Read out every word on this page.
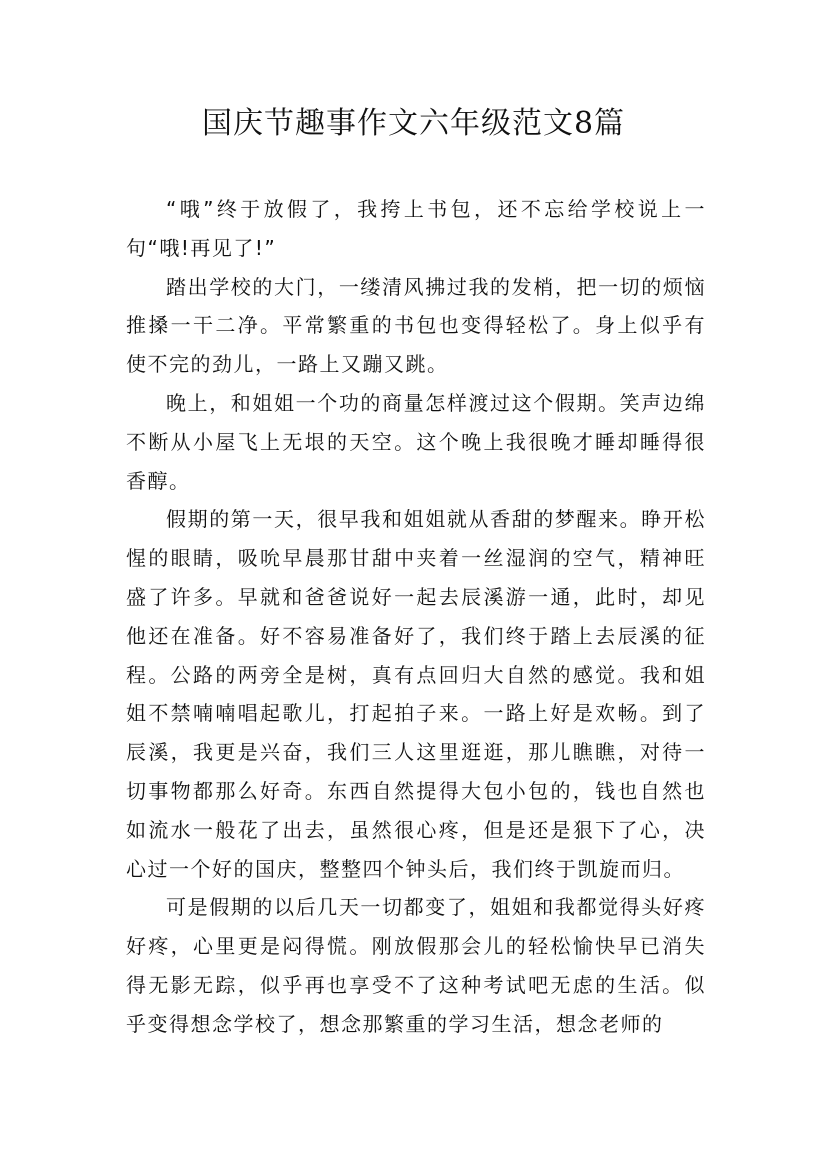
国庆节趣事作文六年级范文8篇

“哦”终于放假了，我挎上书包，还不忘给学校说上一句“哦!再见了!”

踏出学校的大门，一缕清风拂过我的发梢，把一切的烦恼推搡一干二净。平常繁重的书包也变得轻松了。身上似乎有使不完的劲儿，一路上又蹦又跳。

晚上，和姐姐一个功的商量怎样渡过这个假期。笑声边绵不断从小屋飞上无垠的天空。这个晚上我很晚才睡却睡得很香醇。

假期的第一天，很早我和姐姐就从香甜的梦醒来。睁开松惺的眼睛，吸吮早晨那甘甜中夹着一丝湿润的空气，精神旺盛了许多。早就和爸爸说好一起去辰溪游一通，此时，却见他还在准备。好不容易准备好了，我们终于踏上去辰溪的征程。公路的两旁全是树，真有点回归大自然的感觉。我和姐姐不禁喃喃唱起歌儿，打起拍子来。一路上好是欢畅。到了辰溪，我更是兴奋，我们三人这里逛逛，那儿瞧瞧，对待一切事物都那么好奇。东西自然提得大包小包的，钱也自然也如流水一般花了出去，虽然很心疼，但是还是狠下了心，决心过一个好的国庆，整整四个钟头后，我们终于凯旋而归。

可是假期的以后几天一切都变了，姐姐和我都觉得头好疼好疼，心里更是闷得慌。刚放假那会儿的轻松愉快早已消失得无影无踪，似乎再也享受不了这种考试吧无虑的生活。似乎变得想念学校了，想念那繁重的学习生活，想念老师的
